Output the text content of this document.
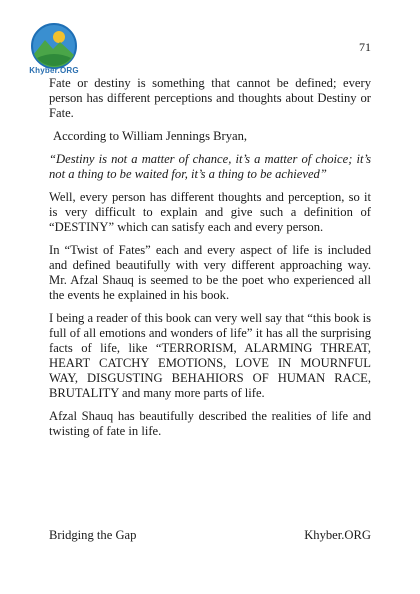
Khyber.ORG
71

Fate or destiny is something that cannot be defined; every person has different perceptions and thoughts about Destiny or Fate.

According to William Jennings Bryan,

“Destiny is not a matter of chance, it’s a matter of choice; it’s not a thing to be waited for, it’s a thing to be achieved”

Well, every person has different thoughts and perception, so it is very difficult to explain and give such a definition of “DESTINY” which can satisfy each and every person.

In “Twist of Fates” each and every aspect of life is included and defined beautifully with very different approaching way. Mr. Afzal Shauq is seemed to be the poet who experienced all the events he explained in his book.

I being a reader of this book can very well say that “this book is full of all emotions and wonders of life” it has all the surprising facts of life, like “TERRORISM, ALARMING THREAT, HEART CATCHY EMOTIONS, LOVE IN MOURNFUL WAY, DISGUSTING BEHAHIORS OF HUMAN RACE, BRUTALITY and many more parts of life.

Afzal Shauq has beautifully described the realities of life and twisting of fate in life.

Bridging the Gap	Khyber.ORG
